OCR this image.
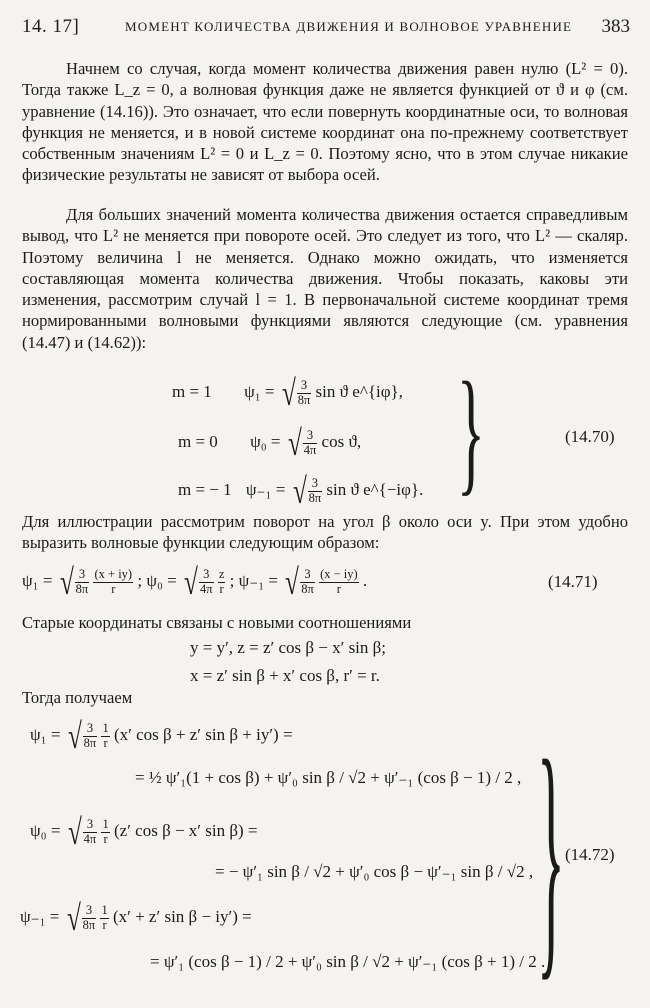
14. 17]	МОМЕНТ КОЛИЧЕСТВА ДВИЖЕНИЯ И ВОЛНОВОЕ УРАВНЕНИЕ 383

Начнем со случая, когда момент количества движения равен нулю (L² = 0). Тогда также L_z = 0, а волновая функция даже не является функцией от ϑ и φ (см. уравнение (14.16)). Это означает, что если повернуть координатные оси, то волновая функция не меняется, и в новой системе координат она по-прежнему соответствует собственным значениям L² = 0 и L_z = 0. Поэтому ясно, что в этом случае никакие физические результаты не зависят от выбора осей.

Для больших значений момента количества движения остается справедливым вывод, что L² не меняется при повороте осей. Это следует из того, что L² — скаляр. Поэтому величина l не меняется. Однако можно ожидать, что изменяется составляющая момента количества движения. Чтобы показать, каковы эти изменения, рассмотрим случай l = 1. В первоначальной системе координат тремя нормированными волновыми функциями являются следующие (см. уравнения (14.47) и (14.62)):

m = 1 ψ₁ = √ $\frac{3}{8\pi}$ sin ϑ e^{iφ},
m = 0 ψ₀ = √ $\frac{3}{4\pi}$ cos ϑ,
m = − 1 ψ₋₁ = √ $\frac{3}{8\pi}$ sin ϑ e^{−iφ}. }	(14.70)

Для иллюстрации рассмотрим поворот на угол β около оси y. При этом удобно выразить волновые функции следующим образом:

ψ₁ = √ $\frac{3}{8\pi}$
$\frac{(x + iy)}{r}$ ; ψ₀ = √ $\frac{3}{4\pi}$
$\frac{z}{r}$ ; ψ₋₁ = √ $\frac{3}{8\pi}$
$\frac{(x - iy)}{r}$ .	(14.71)

Старые координаты связаны с новыми соотношениями

y = y′, z = z′ cos β − x′ sin β;
x = z′ sin β + x′ cos β, r′ = r.

Тогда получаем

ψ₁ = √ $\frac{3}{8\pi}$
$\frac{1}{r} (x'$ cos β + z′ sin β + iy′) =
= ½ ψ′₁(1 + cos β) + ψ′₀ sin β / √2 + ψ′₋₁ (cos β − 1) / 2 ,
ψ₀ = √ $\frac{3}{4\pi}$
$\frac{1}{r} (z'$ cos β − x′ sin β) =
= − ψ′₁ sin β / √2 + ψ′₀ cos β − ψ′₋₁ sin β / √2 ,
ψ₋₁ = √ $\frac{3}{8\pi}$
$\frac{1}{r} (x' + z'$ sin β − iy′) =
= ψ′₁ (cos β − 1) / 2 + ψ′₀ sin β / √2 + ψ′₋₁ (cos β + 1) / 2 .
} (14.72)
